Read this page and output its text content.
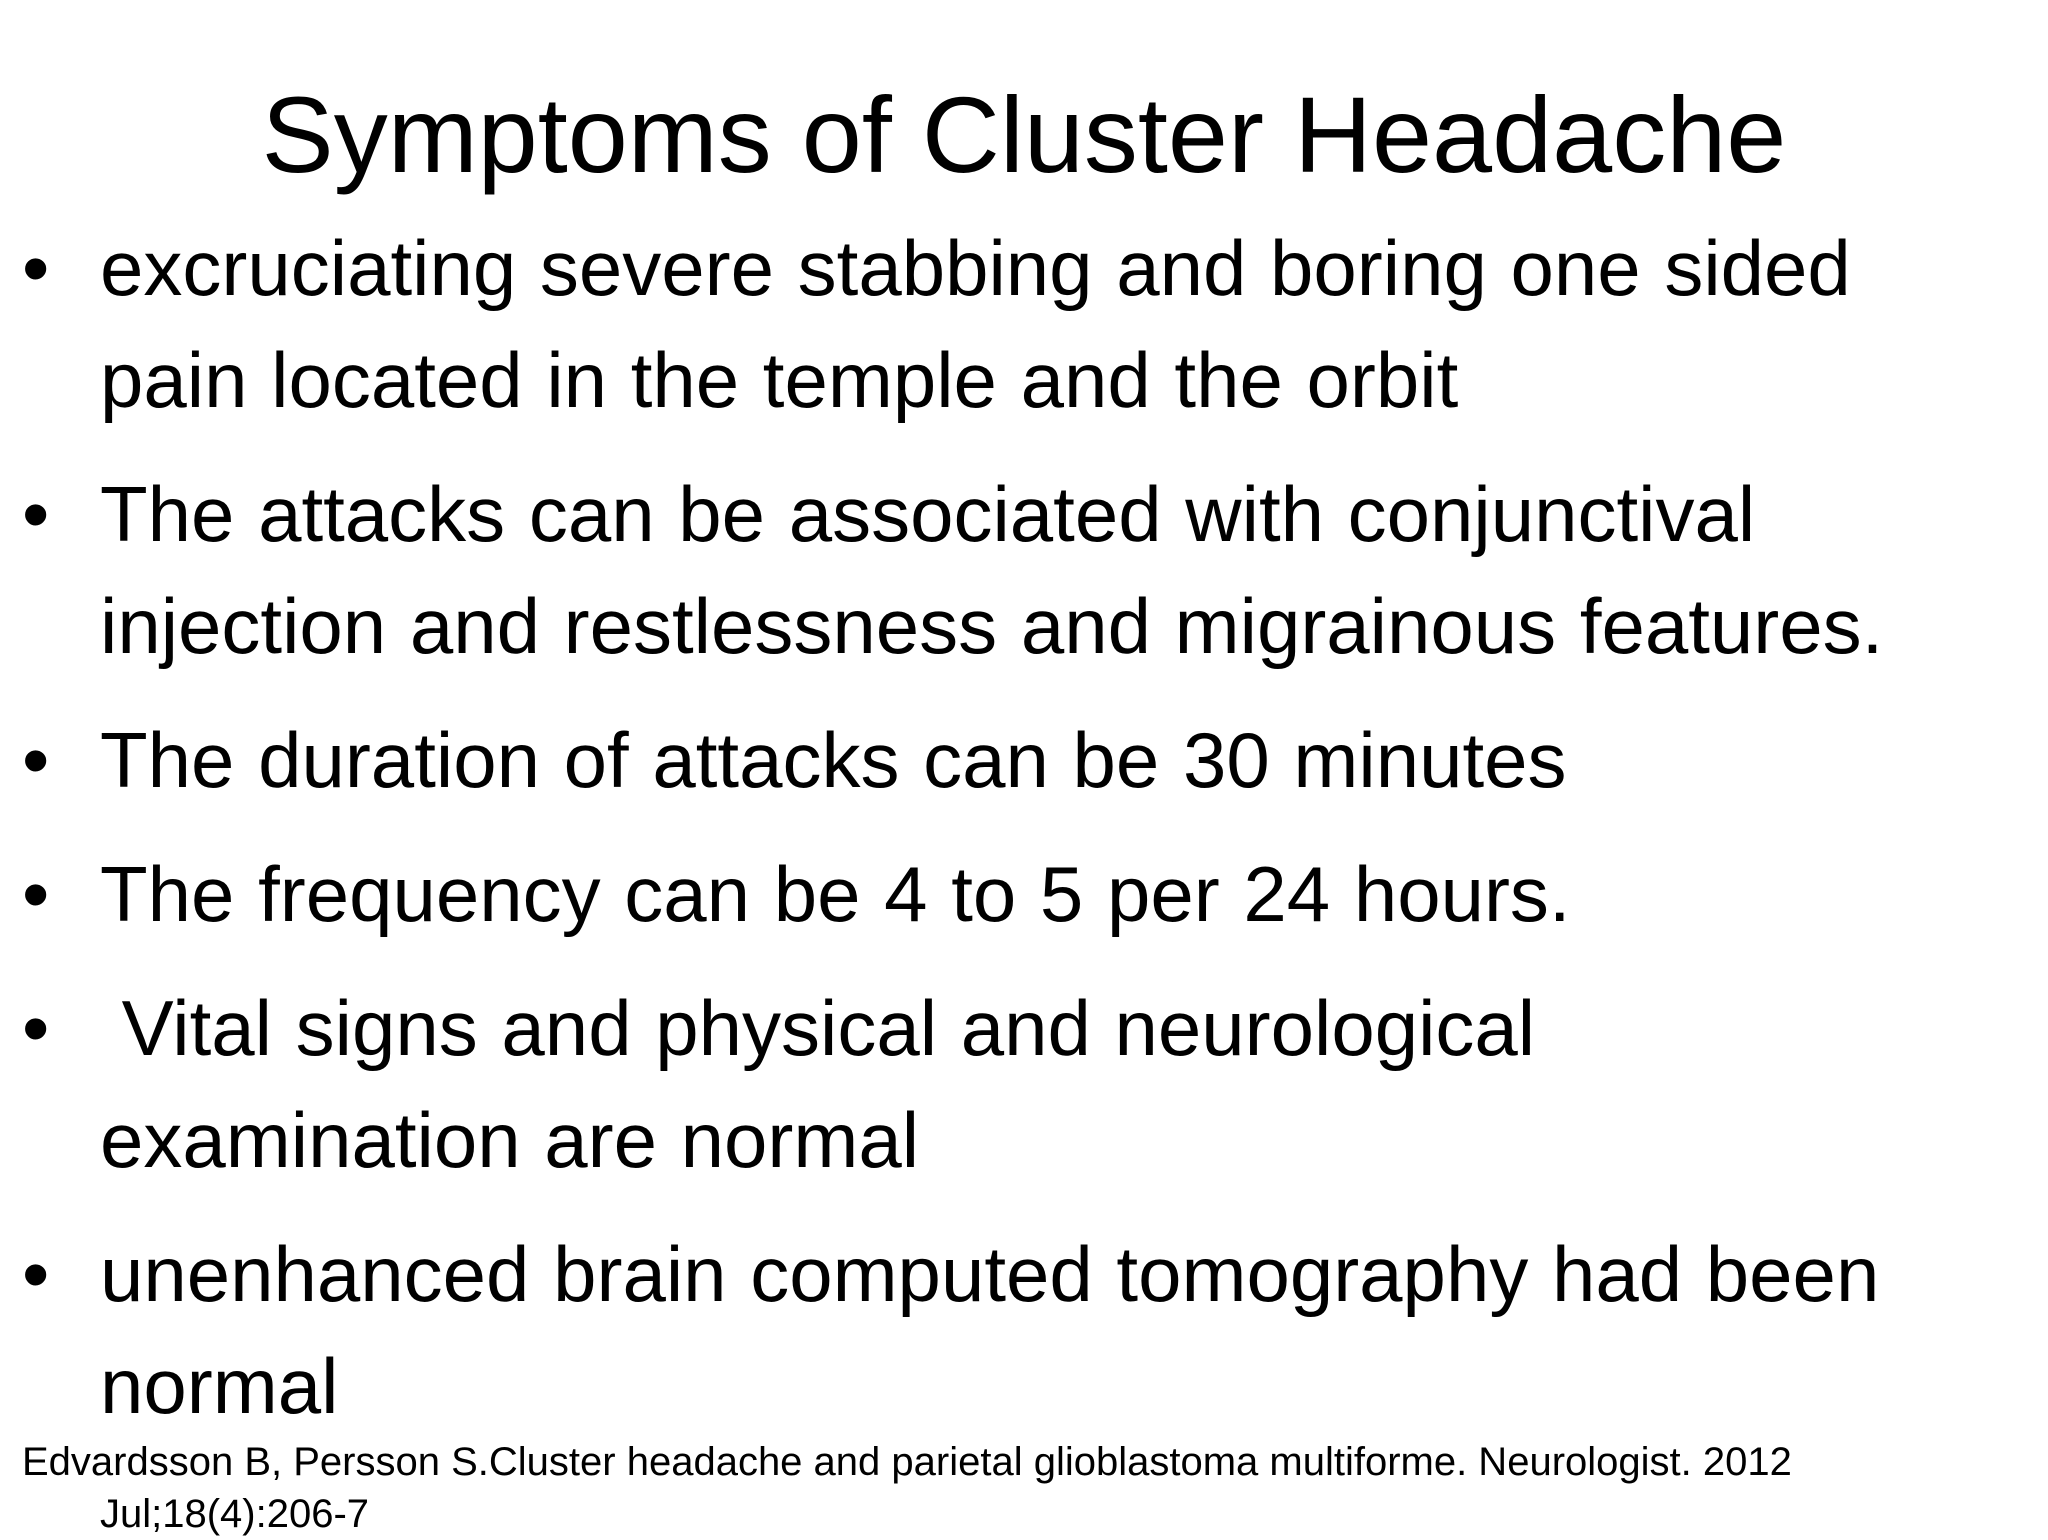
Symptoms of Cluster Headache
• excruciating severe stabbing and boring one sided pain located in the temple and the orbit
• The attacks can be associated with conjunctival injection and restlessness and migrainous features.
• The duration of attacks can be 30 minutes
• The frequency can be 4 to 5 per 24 hours.
• Vital signs and physical and neurological examination are normal
• unenhanced brain computed tomography had been normal
Edvardsson B, Persson S.Cluster headache and parietal glioblastoma multiforme. Neurologist. 2012 Jul;18(4):206-7
